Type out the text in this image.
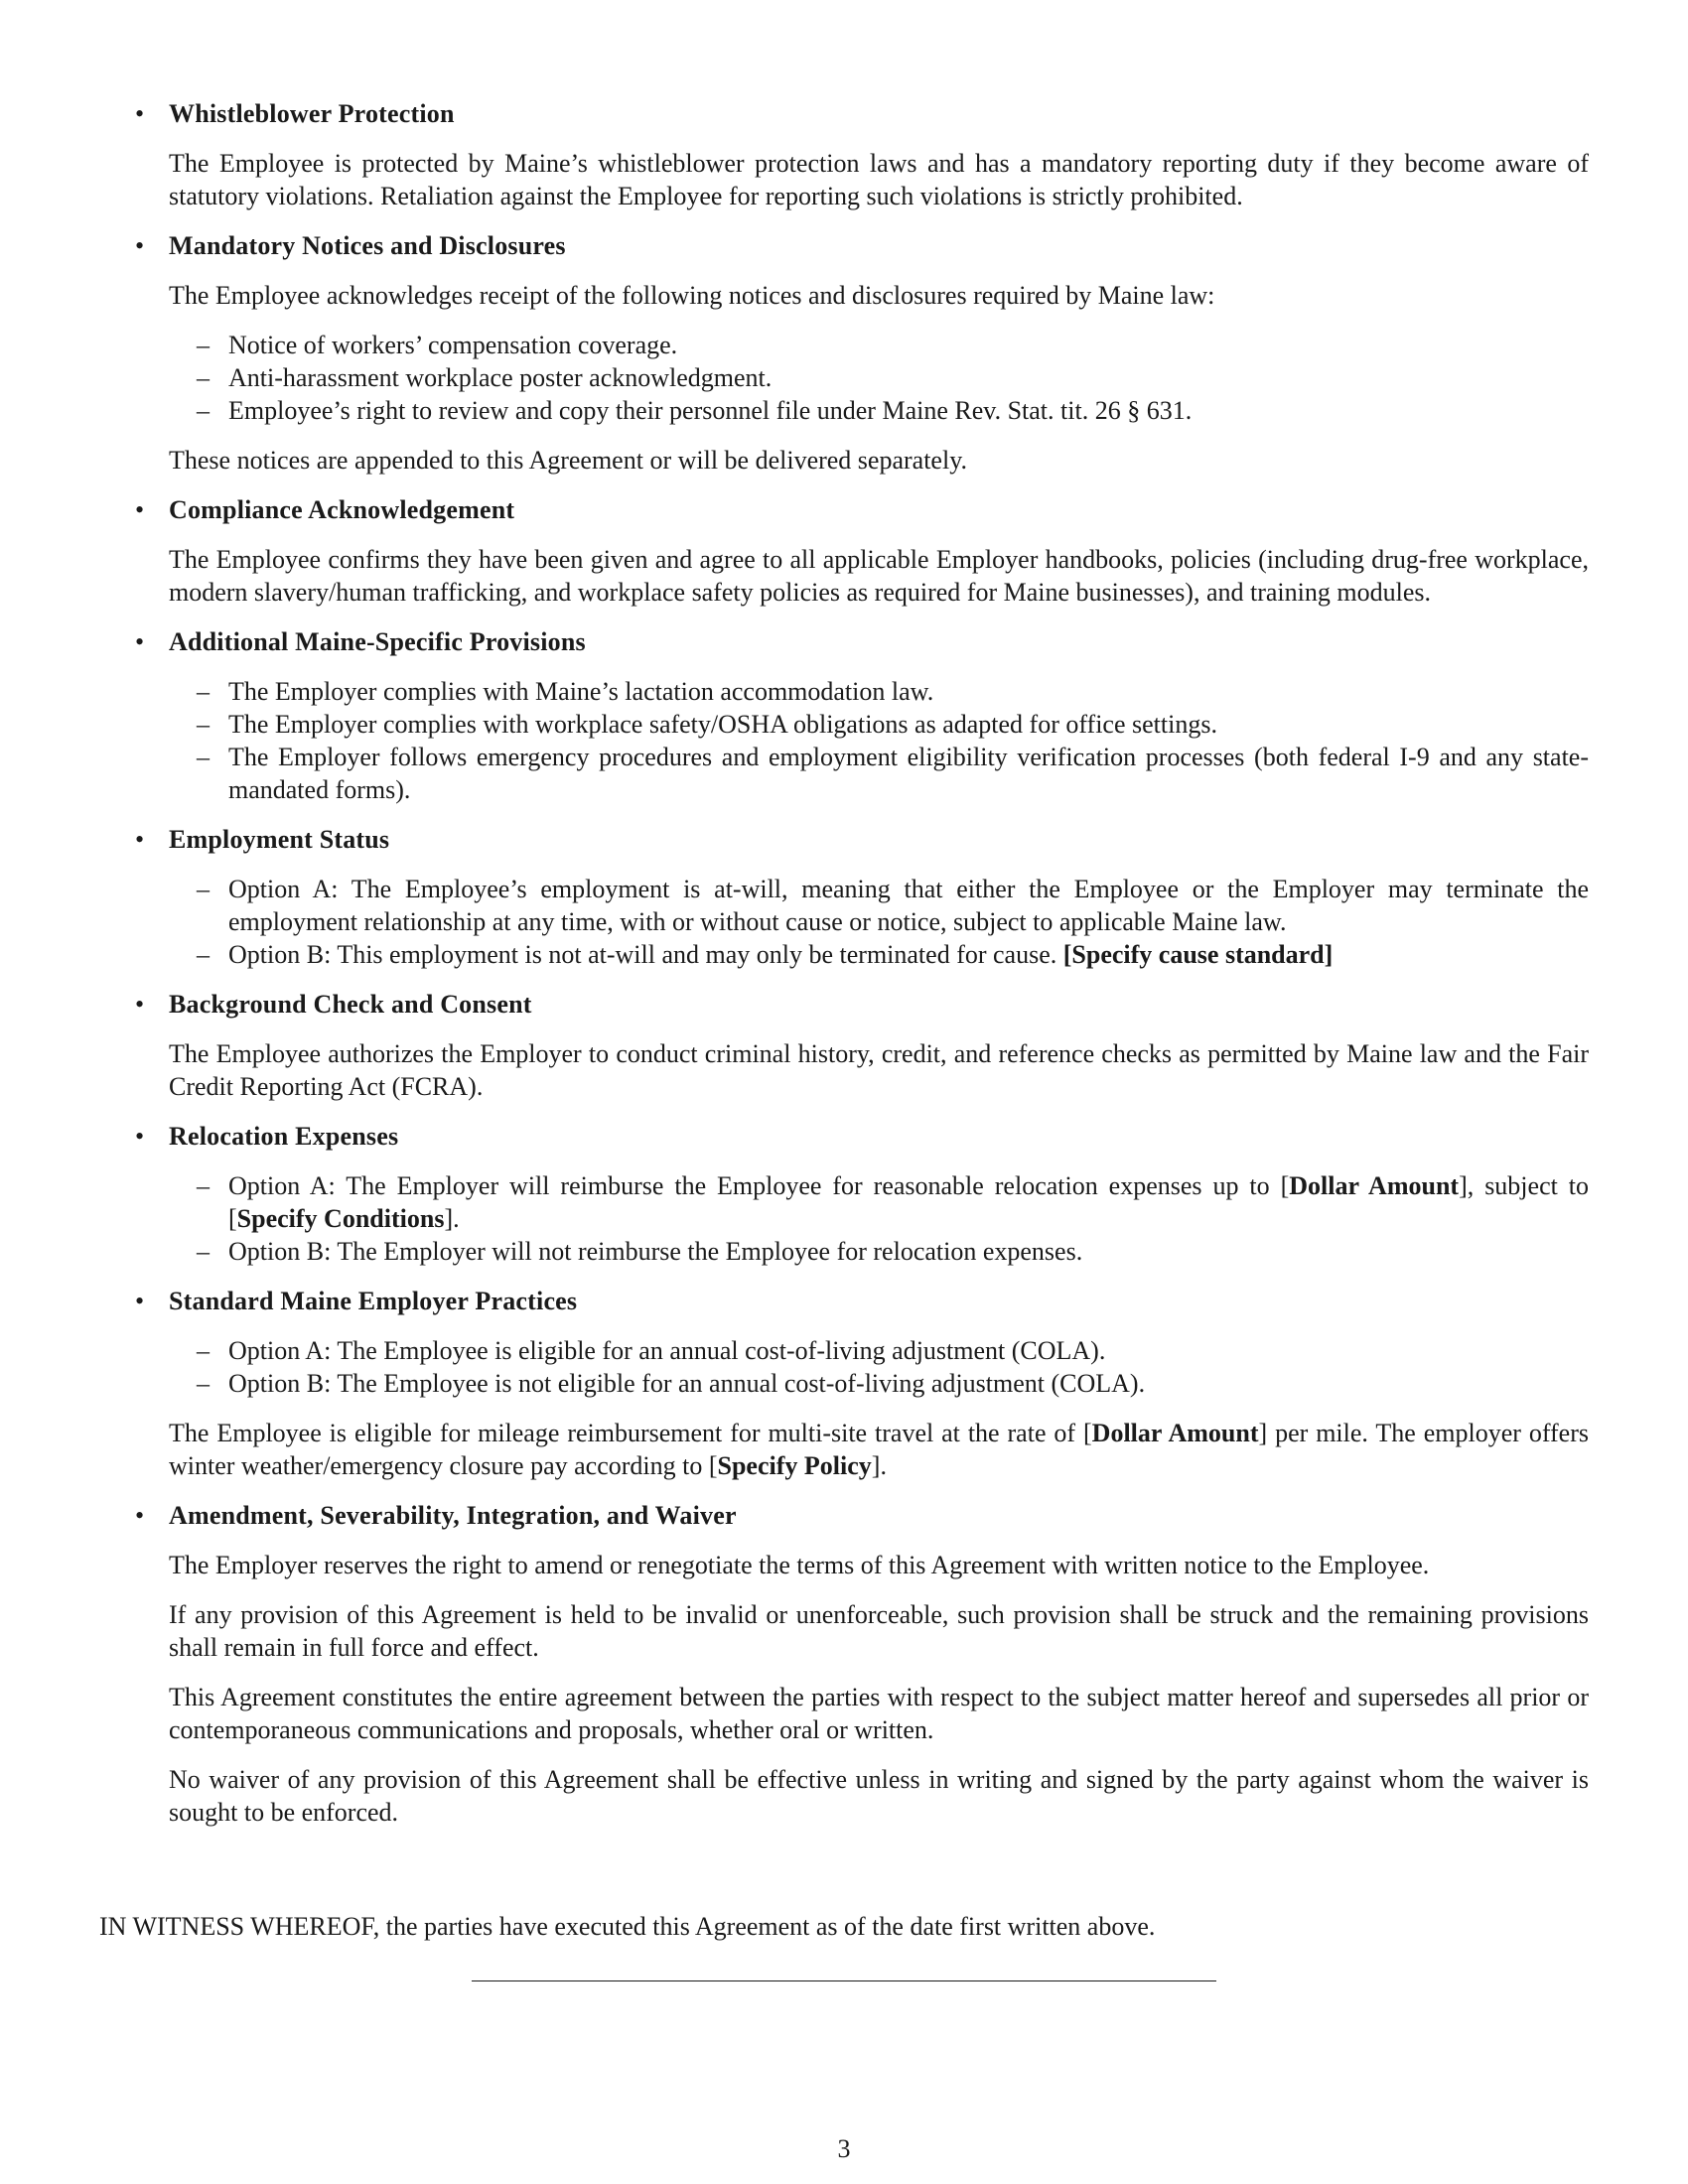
• Whistleblower Protection

The Employee is protected by Maine’s whistleblower protection laws and has a mandatory reporting duty if they become aware of statutory violations. Retaliation against the Employee for reporting such violations is strictly prohibited.

• Mandatory Notices and Disclosures

The Employee acknowledges receipt of the following notices and disclosures required by Maine law:

– Notice of workers’ compensation coverage.
– Anti-harassment workplace poster acknowledgment.
– Employee’s right to review and copy their personnel file under Maine Rev. Stat. tit. 26 § 631.

These notices are appended to this Agreement or will be delivered separately.

• Compliance Acknowledgement

The Employee confirms they have been given and agree to all applicable Employer handbooks, policies (including drug-free workplace, modern slavery/human trafficking, and workplace safety policies as required for Maine businesses), and training modules.

• Additional Maine-Specific Provisions
– The Employer complies with Maine’s lactation accommodation law.
– The Employer complies with workplace safety/OSHA obligations as adapted for office settings.
– The Employer follows emergency procedures and employment eligibility verification processes (both federal I-9 and any state-mandated forms).
• Employment Status
– Option A: The Employee’s employment is at-will, meaning that either the Employee or the Employer may terminate the employment relationship at any time, with or without cause or notice, subject to applicable Maine law.
– Option B: This employment is not at-will and may only be terminated for cause. [Specify cause standard]
• Background Check and Consent

The Employee authorizes the Employer to conduct criminal history, credit, and reference checks as permitted by Maine law and the Fair Credit Reporting Act (FCRA).

• Relocation Expenses
– Option A: The Employer will reimburse the Employee for reasonable relocation expenses up to [Dollar Amount], subject to [Specify Conditions].
– Option B: The Employer will not reimburse the Employee for relocation expenses.
• Standard Maine Employer Practices
– Option A: The Employee is eligible for an annual cost-of-living adjustment (COLA).
– Option B: The Employee is not eligible for an annual cost-of-living adjustment (COLA).

The Employee is eligible for mileage reimbursement for multi-site travel at the rate of [Dollar Amount] per mile. The employer offers winter weather/emergency closure pay according to [Specify Policy].

• Amendment, Severability, Integration, and Waiver

The Employer reserves the right to amend or renegotiate the terms of this Agreement with written notice to the Employee.

If any provision of this Agreement is held to be invalid or unenforceable, such provision shall be struck and the remaining provisions shall remain in full force and effect.

This Agreement constitutes the entire agreement between the parties with respect to the subject matter hereof and supersedes all prior or contemporaneous communications and proposals, whether oral or written.

No waiver of any provision of this Agreement shall be effective unless in writing and signed by the party against whom the waiver is sought to be enforced.

IN WITNESS WHEREOF, the parties have executed this Agreement as of the date first written above.
3
